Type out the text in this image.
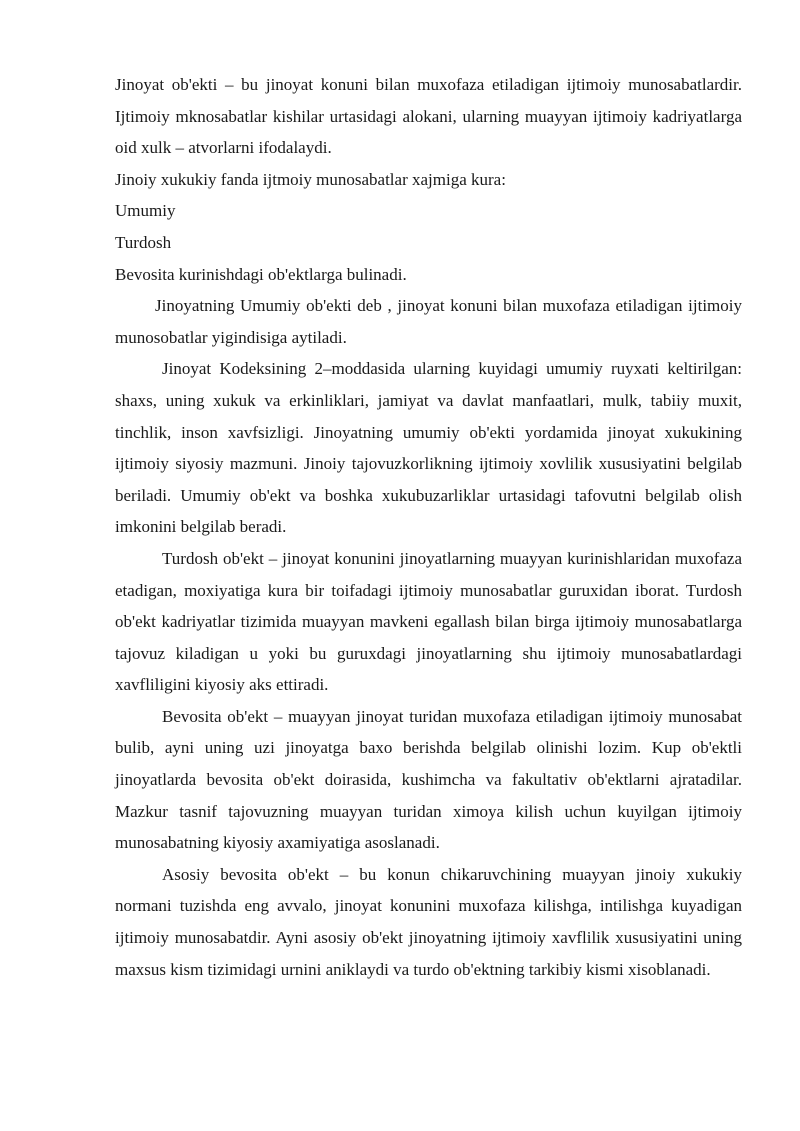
Jinoyat ob'ekti – bu jinoyat konuni bilan muxofaza etiladigan ijtimoiy munosabatlardir. Ijtimoiy mknosabatlar kishilar urtasidagi alokani, ularning muayyan ijtimoiy kadriyatlarga oid xulk – atvorlarni ifodalaydi.

Jinoiy xukukiy fanda ijtmoiy munosabatlar xajmiga kura:

Umumiy

Turdosh

Bevosita kurinishdagi ob'ektlarga bulinadi.

Jinoyatning Umumiy ob'ekti deb , jinoyat konuni bilan muxofaza etiladigan ijtimoiy munosobatlar yigindisiga aytiladi.

Jinoyat Kodeksining 2–moddasida ularning kuyidagi umumiy ruyxati keltirilgan: shaxs, uning xukuk va erkinliklari, jamiyat va davlat manfaatlari, mulk, tabiiy muxit, tinchlik, inson xavfsizligi. Jinoyatning umumiy ob'ekti yordamida jinoyat xukukining ijtimoiy siyosiy mazmuni. Jinoiy tajovuzkorlikning ijtimoiy xovlilik xususiyatini belgilab beriladi. Umumiy ob'ekt va boshka xukubuzarliklar urtasidagi tafovutni belgilab olish imkonini belgilab beradi.

Turdosh ob'ekt – jinoyat konunini jinoyatlarning muayyan kurinishlaridan muxofaza etadigan, moxiyatiga kura bir toifadagi ijtimoiy munosabatlar guruxidan iborat. Turdosh ob'ekt kadriyatlar tizimida muayyan mavkeni egallash bilan birga ijtimoiy munosabatlarga tajovuz kiladigan u yoki bu guruxdagi jinoyatlarning shu ijtimoiy munosabatlardagi xavfliligini kiyosiy aks ettiradi.

Bevosita ob'ekt – muayyan jinoyat turidan muxofaza etiladigan ijtimoiy munosabat bulib, ayni uning uzi jinoyatga baxo berishda belgilab olinishi lozim. Kup ob'ektli jinoyatlarda bevosita ob'ekt doirasida, kushimcha va fakultativ ob'ektlarni ajratadilar. Mazkur tasnif tajovuzning muayyan turidan ximoya kilish uchun kuyilgan ijtimoiy munosabatning kiyosiy axamiyatiga asoslanadi.

Asosiy bevosita ob'ekt – bu konun chikaruvchining muayyan jinoiy xukukiy normani tuzishda eng avvalo, jinoyat konunini muxofaza kilishga, intilishga kuyadigan ijtimoiy munosabatdir. Ayni asosiy ob'ekt jinoyatning ijtimoiy xavflilik xususiyatini uning maxsus kism tizimidagi urnini aniklaydi va turdo ob'ektning tarkibiy kismi xisoblanadi.
